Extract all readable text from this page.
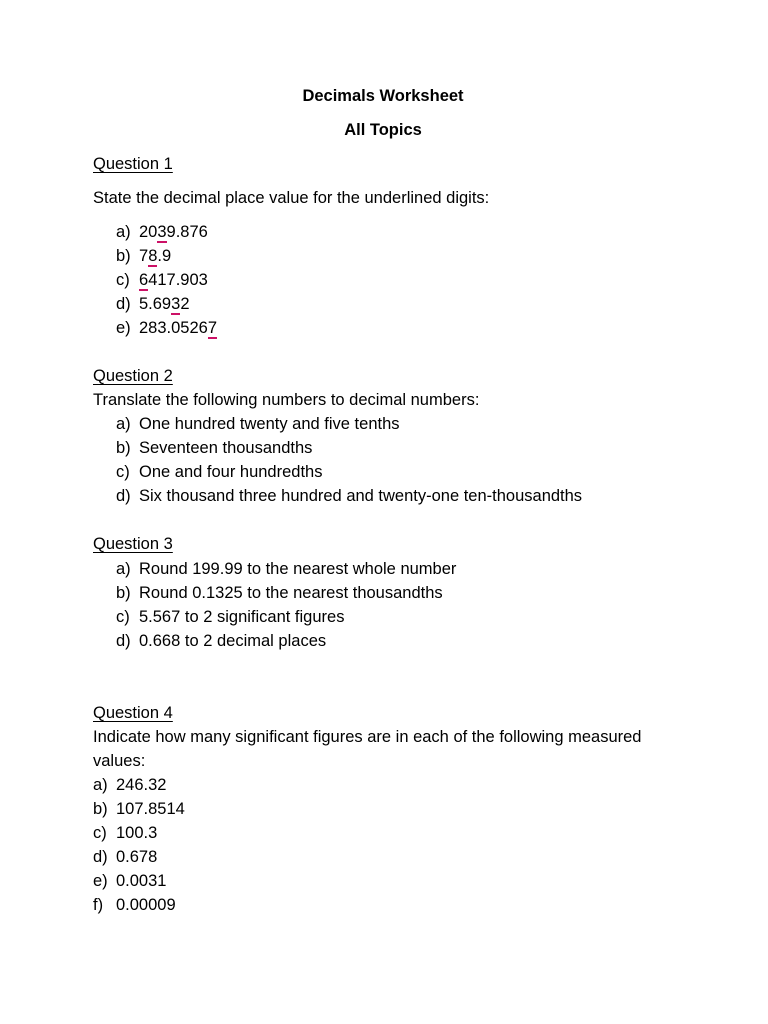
Decimals Worksheet
All Topics
Question 1
State the decimal place value for the underlined digits:
a) 2039.876
b) 78.9
c) 6417.903
d) 5.6932
e) 283.05267
Question 2
Translate the following numbers to decimal numbers:
a) One hundred twenty and five tenths
b) Seventeen thousandths
c) One and four hundredths
d) Six thousand three hundred and twenty-one ten-thousandths
Question 3
a) Round 199.99 to the nearest whole number
b) Round 0.1325 to the nearest thousandths
c) 5.567 to 2 significant figures
d) 0.668 to 2 decimal places
Question 4
Indicate how many significant figures are in each of the following measured
values:
a) 246.32
b) 107.8514
c) 100.3
d) 0.678
e) 0.0031
f) 0.00009
